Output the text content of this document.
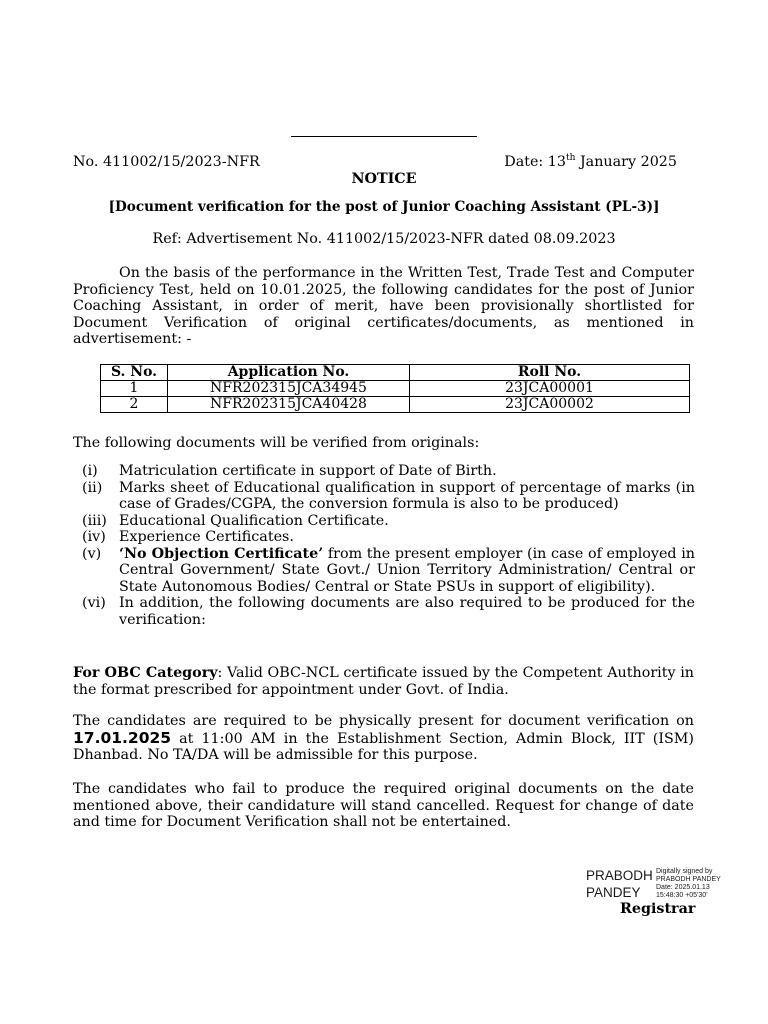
No. 411002/15/2023-NFR	Date: 13th January 2025
NOTICE
[Document verification for the post of Junior Coaching Assistant (PL-3)]
Ref: Advertisement No. 411002/15/2023-NFR dated 08.09.2023
On the basis of the performance in the Written Test, Trade Test and Computer Proficiency Test, held on 10.01.2025, the following candidates for the post of Junior Coaching Assistant, in order of merit, have been provisionally shortlisted for Document Verification of original certificates/documents, as mentioned in advertisement: -
S. No.	Application No.	Roll No.
1	NFR202315JCA34945	23JCA00001
2	NFR202315JCA40428	23JCA00002
The following documents will be verified from originals:

(i) Matriculation certificate in support of Date of Birth.

(ii) Marks sheet of Educational qualification in support of percentage of marks (in case of Grades/CGPA, the conversion formula is also to be produced)

(iii) Educational Qualification Certificate.

(iv) Experience Certificates.

(v) ‘No Objection Certificate’ from the present employer (in case of employed in Central Government/ State Govt./ Union Territory Administration/ Central or State Autonomous Bodies/ Central or State PSUs in support of eligibility).

(vi) In addition, the following documents are also required to be produced for the verification:

For OBC Category: Valid OBC-NCL certificate issued by the Competent Authority in the format prescribed for appointment under Govt. of India.
The candidates are required to be physically present for document verification on 17.01.2025 at 11:00 AM in the Establishment Section, Admin Block, IIT (ISM) Dhanbad. No TA/DA will be admissible for this purpose.
The candidates who fail to produce the required original documents on the date mentioned above, their candidature will stand cancelled. Request for change of date and time for Document Verification shall not be entertained.
PRABODH
PANDEY
Digitally signed by
PRABODH PANDEY
Date: 2025.01.13
15:48:30 +05'30'
Registrar
